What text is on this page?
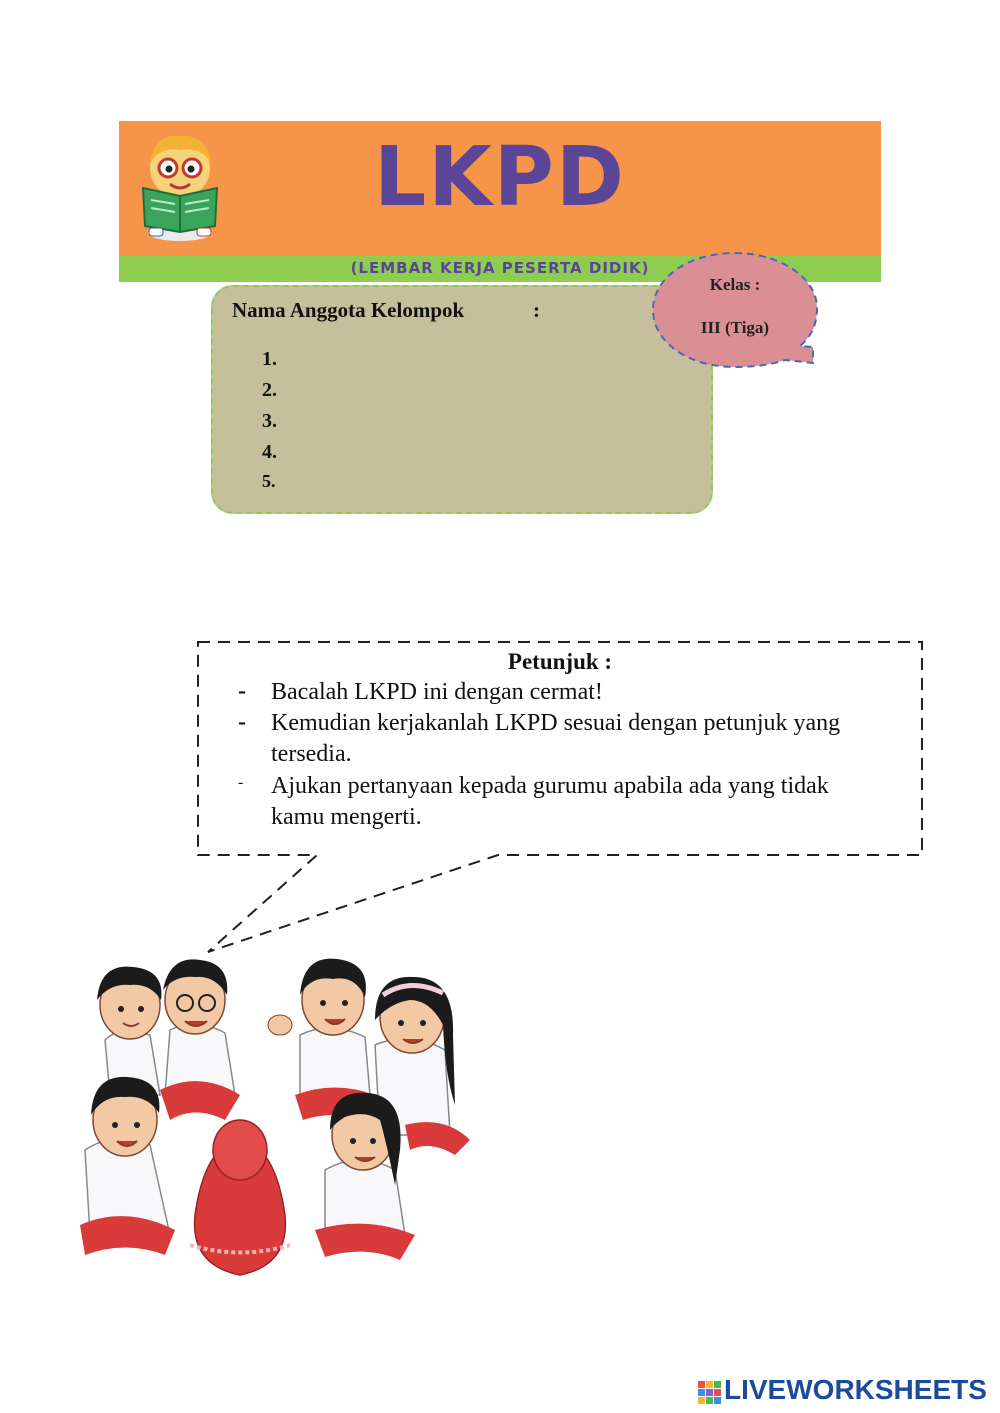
LKPD
(LEMBAR KERJA PESERTA DIDIK)
Nama Anggota Kelompok	:
1.
2.
3.
4.
5.
Kelas :
III (Tiga)
Petunjuk :
- Bacalah LKPD ini dengan cermat!
- Kemudian kerjakanlah LKPD sesuai dengan petunjuk yang
tersedia.
- Ajukan pertanyaan kepada gurumu apabila ada yang tidak
kamu mengerti.
LIVEWORKSHEETS
